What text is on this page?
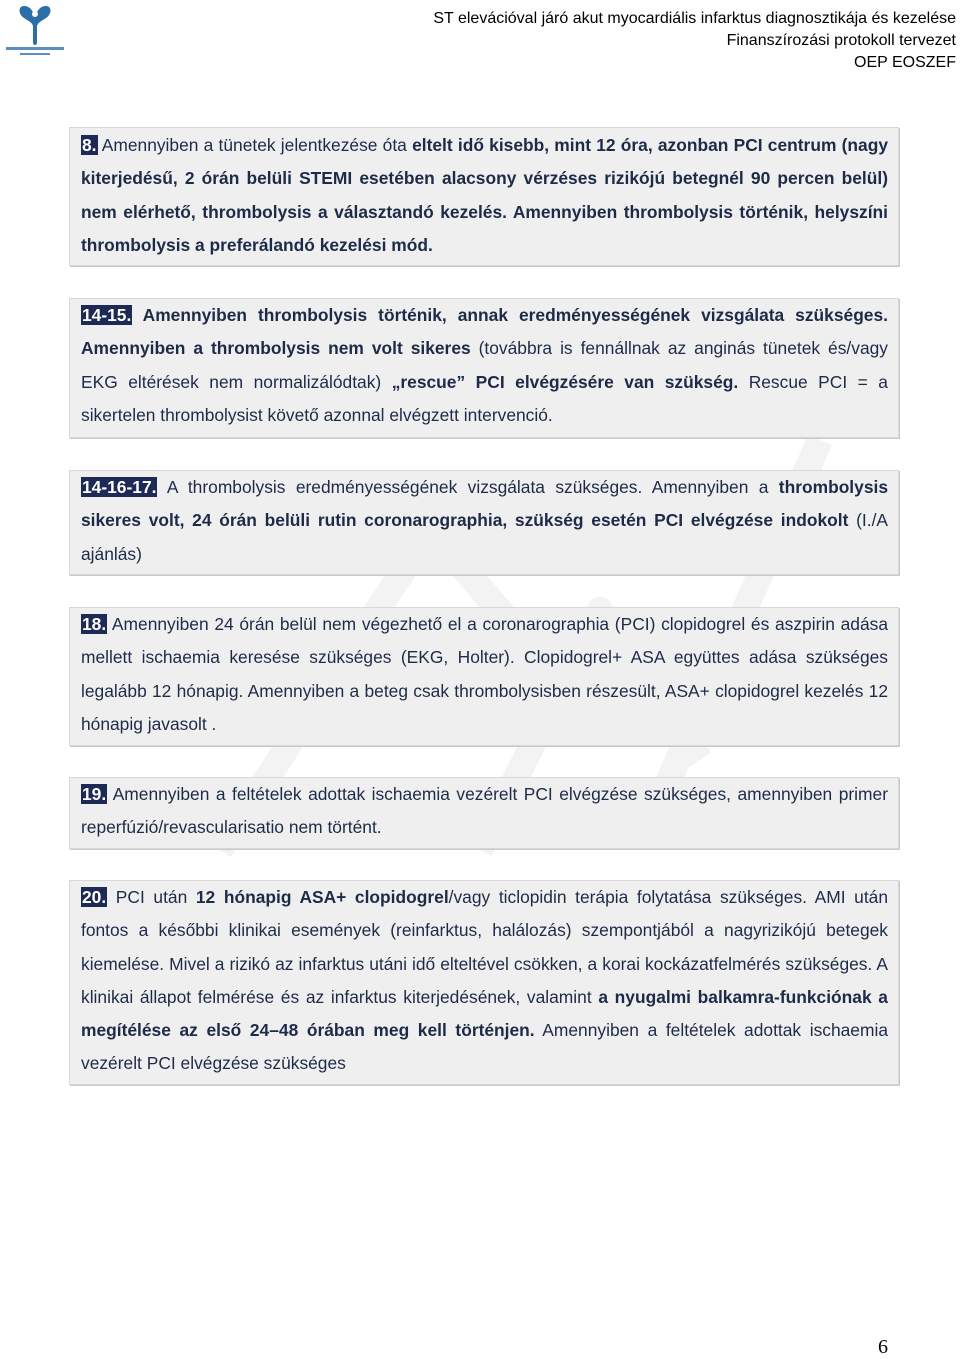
ST elevációval járó akut myocardiális infarktus diagnosztikája és kezelése
Finanszírozási protokoll tervezet
OEP EOSZEF

8. Amennyiben a tünetek jelentkezése óta eltelt idő kisebb, mint 12 óra, azonban PCI centrum (nagy kiterjedésű, 2 órán belüli STEMI esetében alacsony vérzéses rizikójú betegnél 90 percen belül) nem elérhető, thrombolysis a választandó kezelés. Amennyiben thrombolysis történik, helyszíni thrombolysis a preferálandó kezelési mód.

14-15. Amennyiben thrombolysis történik, annak eredményességének vizsgálata szükséges. Amennyiben a thrombolysis nem volt sikeres (továbbra is fennállnak az anginás tünetek és/vagy EKG eltérések nem normalizálódtak) „rescue” PCI elvégzésére van szükség. Rescue PCI = a sikertelen thrombolysist követő azonnal elvégzett intervenció.

14-16-17. A thrombolysis eredményességének vizsgálata szükséges. Amennyiben a thrombolysis sikeres volt, 24 órán belüli rutin coronarographia, szükség esetén PCI elvégzése indokolt (I./A ajánlás)

18. Amennyiben 24 órán belül nem végezhető el a coronarographia (PCI) clopidogrel és aszpirin adása mellett ischaemia keresése szükséges (EKG, Holter). Clopidogrel+ ASA együttes adása szükséges legalább 12 hónapig. Amennyiben a beteg csak thrombolysisben részesült, ASA+ clopidogrel kezelés 12 hónapig javasolt .

19. Amennyiben a feltételek adottak ischaemia vezérelt PCI elvégzése szükséges, amennyiben primer reperfúzió/revascularisatio nem történt.

20. PCI után 12 hónapig ASA+ clopidogrel/vagy ticlopidin terápia folytatása szükséges. AMI után fontos a későbbi klinikai események (reinfarktus, halálozás) szempontjából a nagyrizikójú betegek kiemelése. Mivel a rizikó az infarktus utáni idő elteltével csökken, a korai kockázatfelmérés szükséges. A klinikai állapot felmérése és az infarktus kiterjedésének, valamint a nyugalmi balkamra-funkciónak a megítélése az első 24–48 órában meg kell történjen. Amennyiben a feltételek adottak ischaemia vezérelt PCI elvégzése szükséges

6
